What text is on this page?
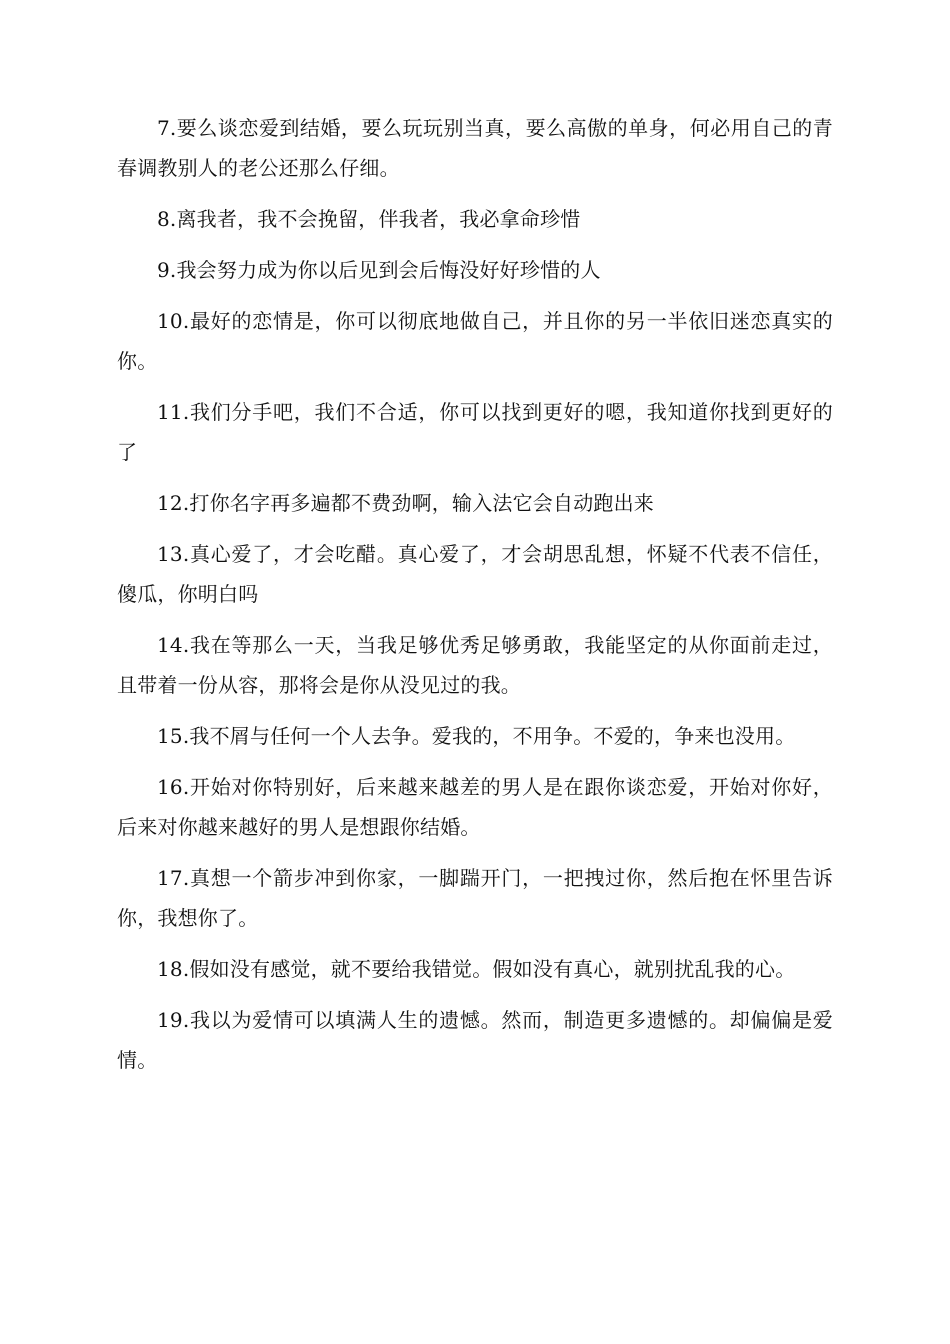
7.要么谈恋爱到结婚，要么玩玩别当真，要么高傲的单身，何必用自己的青春调教别人的老公还那么仔细。

8.离我者，我不会挽留，伴我者，我必拿命珍惜

9.我会努力成为你以后见到会后悔没好好珍惜的人

10.最好的恋情是，你可以彻底地做自己，并且你的另一半依旧迷恋真实的你。

11.我们分手吧，我们不合适，你可以找到更好的嗯，我知道你找到更好的了

12.打你名字再多遍都不费劲啊，输入法它会自动跑出来

13.真心爱了，才会吃醋。真心爱了，才会胡思乱想，怀疑不代表不信任，傻瓜，你明白吗

14.我在等那么一天，当我足够优秀足够勇敢，我能坚定的从你面前走过，且带着一份从容，那将会是你从没见过的我。

15.我不屑与任何一个人去争。爱我的，不用争。不爱的，争来也没用。

16.开始对你特别好，后来越来越差的男人是在跟你谈恋爱，开始对你好，后来对你越来越好的男人是想跟你结婚。

17.真想一个箭步冲到你家，一脚踹开门，一把拽过你，然后抱在怀里告诉你，我想你了。

18.假如没有感觉，就不要给我错觉。假如没有真心，就别扰乱我的心。

19.我以为爱情可以填满人生的遗憾。然而，制造更多遗憾的。却偏偏是爱情。
